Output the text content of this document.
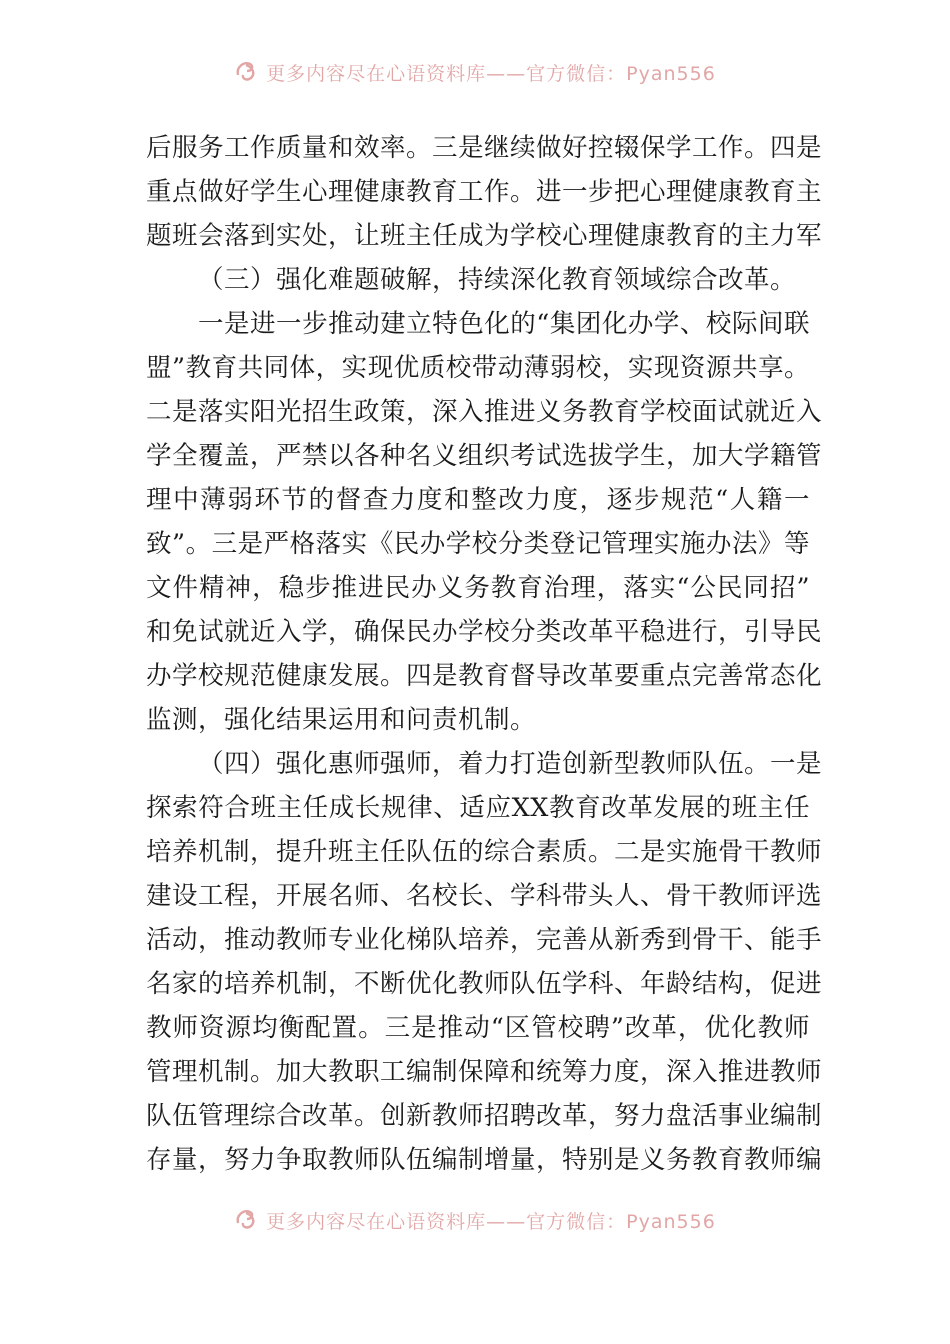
更多内容尽在心语资料库——官方微信：Pyan556
后服务工作质量和效率。三是继续做好控辍保学工作。四是
重点做好学生心理健康教育工作。进一步把心理健康教育主
题班会落到实处，让班主任成为学校心理健康教育的主力军
（三）强化难题破解，持续深化教育领域综合改革。
一是进一步推动建立特色化的“集团化办学、校际间联
盟”教育共同体，实现优质校带动薄弱校，实现资源共享。
二是落实阳光招生政策，深入推进义务教育学校面试就近入
学全覆盖，严禁以各种名义组织考试选拔学生，加大学籍管
理中薄弱环节的督查力度和整改力度，逐步规范“人籍一
致”。三是严格落实《民办学校分类登记管理实施办法》等
文件精神，稳步推进民办义务教育治理，落实“公民同招”
和免试就近入学，确保民办学校分类改革平稳进行，引导民
办学校规范健康发展。四是教育督导改革要重点完善常态化
监测，强化结果运用和问责机制。
（四）强化惠师强师，着力打造创新型教师队伍。一是
探索符合班主任成长规律、适应XX教育改革发展的班主任
培养机制，提升班主任队伍的综合素质。二是实施骨干教师
建设工程，开展名师、名校长、学科带头人、骨干教师评选
活动，推动教师专业化梯队培养，完善从新秀到骨干、能手
名家的培养机制，不断优化教师队伍学科、年龄结构，促进
教师资源均衡配置。三是推动“区管校聘”改革，优化教师
管理机制。加大教职工编制保障和统筹力度，深入推进教师
队伍管理综合改革。创新教师招聘改革，努力盘活事业编制
存量，努力争取教师队伍编制增量，特别是义务教育教师编
更多内容尽在心语资料库——官方微信：Pyan556
